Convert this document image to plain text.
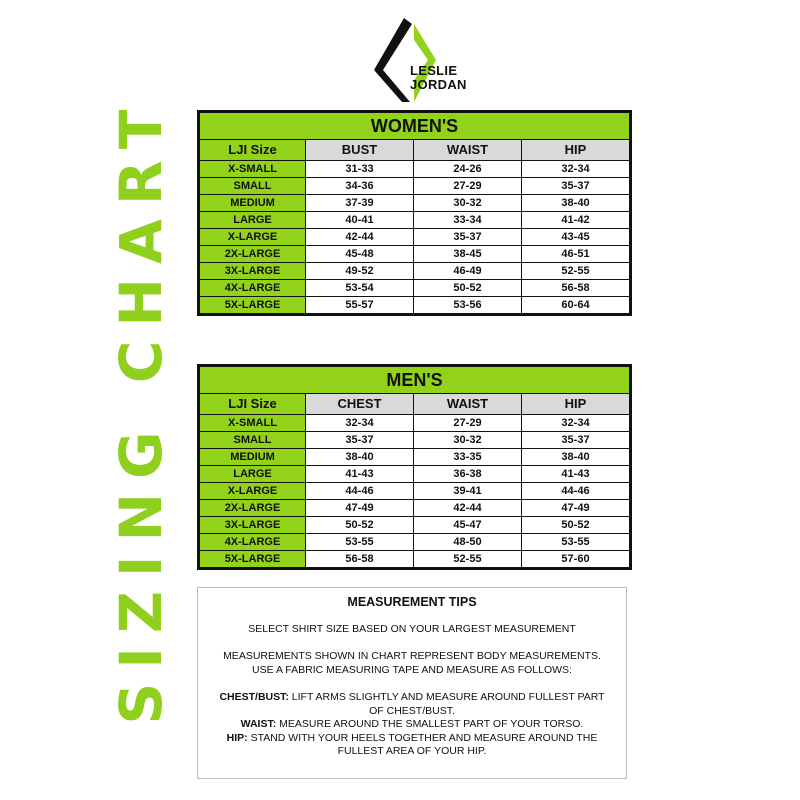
LESLIE
JORDAN
SIZING CHART	WOMEN'S			
LJI Size	BUST	WAIST	HIP
X-SMALL	31-33	24-26	32-34
SMALL	34-36	27-29	35-37
MEDIUM	37-39	30-32	38-40
LARGE	40-41	33-34	41-42
X-LARGE	42-44	35-37	43-45
2X-LARGE	45-48	38-45	46-51
3X-LARGE	49-52	46-49	52-55
4X-LARGE	53-54	50-52	56-58
5X-LARGE	55-57	53-56	60-64
MEN'S			
LJI Size	CHEST	WAIST	HIP
X-SMALL	32-34	27-29	32-34
SMALL	35-37	30-32	35-37
MEDIUM	38-40	33-35	38-40
LARGE	41-43	36-38	41-43
X-LARGE	44-46	39-41	44-46
2X-LARGE	47-49	42-44	47-49
3X-LARGE	50-52	45-47	50-52
4X-LARGE	53-55	48-50	53-55
5X-LARGE	56-58	52-55	57-60
MEASUREMENT TIPS

SELECT SHIRT SIZE BASED ON YOUR LARGEST MEASUREMENT

MEASUREMENTS SHOWN IN CHART REPRESENT BODY MEASUREMENTS. USE A FABRIC MEASURING TAPE AND MEASURE AS FOLLOWS:

CHEST/BUST: LIFT ARMS SLIGHTLY AND MEASURE AROUND FULLEST PART OF CHEST/BUST.

WAIST: MEASURE AROUND THE SMALLEST PART OF YOUR TORSO.

HIP: STAND WITH YOUR HEELS TOGETHER AND MEASURE AROUND THE FULLEST AREA OF YOUR HIP.
